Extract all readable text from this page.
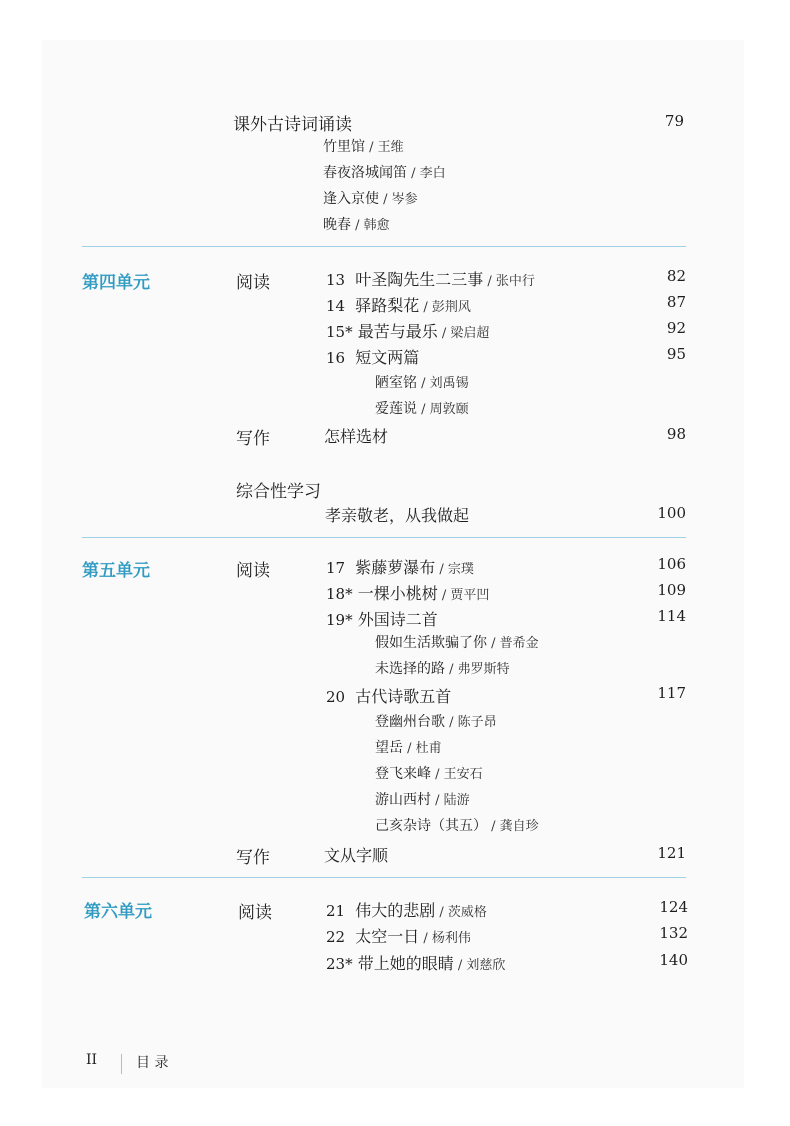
课外古诗词诵读	79
竹里馆 / 王维
春夜洛城闻笛 / 李白
逢入京使 / 岑参
晚春 / 韩愈
第四单元	阅读	13 叶圣陶先生二三事 / 张中行	82
14 驿路梨花 / 彭荆风	87
15* 最苦与最乐 / 梁启超	92
16 短文两篇	95
陋室铭 / 刘禹锡
爱莲说 / 周敦颐
写作	怎样选材	98
综合性学习
孝亲敬老，从我做起	100
第五单元	阅读	17 紫藤萝瀑布 / 宗璞	106
18* 一棵小桃树 / 贾平凹	109
19* 外国诗二首	114
假如生活欺骗了你 / 普希金
未选择的路 / 弗罗斯特
20 古代诗歌五首	117
登幽州台歌 / 陈子昂
望岳 / 杜甫
登飞来峰 / 王安石
游山西村 / 陆游
己亥杂诗（其五） / 龚自珍
写作	文从字顺	121
第六单元	阅读	21 伟大的悲剧 / 茨威格	124
22 太空一日 / 杨利伟	132
23* 带上她的眼睛 / 刘慈欣	140
II	目 录
